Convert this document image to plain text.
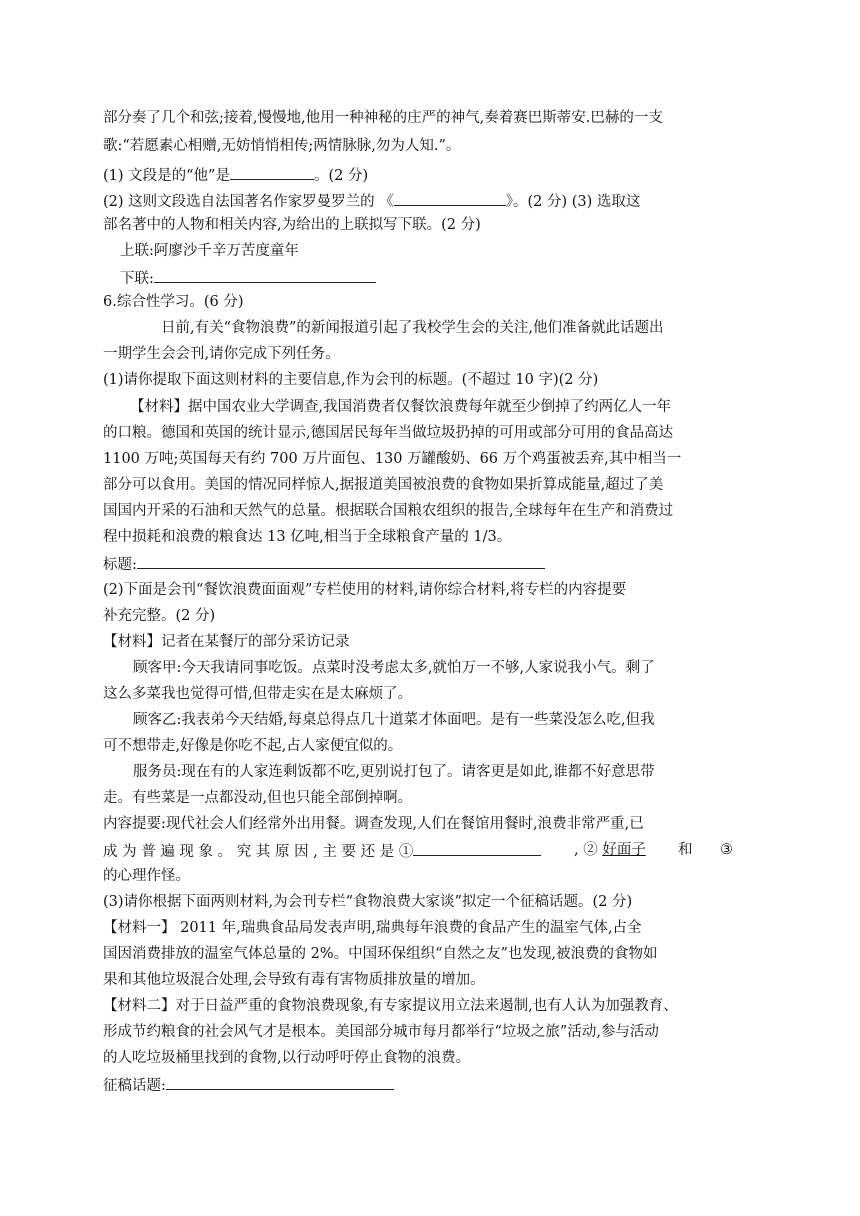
部分奏了几个和弦;接着,慢慢地,他用一种神秘的庄严的神气,奏着赛巴斯蒂安.巴赫的一支
歌:“若愿素心相赠,无妨悄悄相传;两情脉脉,勿为人知.”。
(1) 文段是的“他”是	。(2 分)
(2) 这则文段选自法国著名作家罗曼罗兰的 《	》。(2 分) (3) 选取这
部名著中的人物和相关内容,为给出的上联拟写下联。(2 分)
上联:阿廖沙千辛万苦度童年
下联:
6.综合性学习。(6 分)
日前,有关“食物浪费”的新闻报道引起了我校学生会的关注,他们准备就此话题出
一期学生会会刊,请你完成下列任务。
(1)请你提取下面这则材料的主要信息,作为会刊的标题。(不超过 10 字)(2 分)
【材料】据中国农业大学调查,我国消费者仅餐饮浪费每年就至少倒掉了约两亿人一年
的口粮。德国和英国的统计显示,德国居民每年当做垃圾扔掉的可用或部分可用的食品高达
1100 万吨;英国每天有约 700 万片面包、130 万罐酸奶、66 万个鸡蛋被丢弃,其中相当一
部分可以食用。美国的情况同样惊人,据报道美国被浪费的食物如果折算成能量,超过了美
国国内开采的石油和天然气的总量。根据联合国粮农组织的报告,全球每年在生产和消费过
程中损耗和浪费的粮食达 13 亿吨,相当于全球粮食产量的 1/3。
标题:
(2)下面是会刊“餐饮浪费面面观”专栏使用的材料,请你综合材料,将专栏的内容提要
补充完整。(2 分)
【材料】记者在某餐厅的部分采访记录
顾客甲:今天我请同事吃饭。点菜时没考虑太多,就怕万一不够,人家说我小气。剩了
这么多菜我也觉得可惜,但带走实在是太麻烦了。
顾客乙:我表弟今天结婚,每桌总得点几十道菜才体面吧。是有一些菜没怎么吃,但我
可不想带走,好像是你吃不起,占人家便宜似的。
服务员:现在有的人家连剩饭都不吃,更别说打包了。请客更是如此,谁都不好意思带
走。有些菜是一点都没动,但也只能全部倒掉啊。
内容提要:现代社会人们经常外出用餐。调查发现,人们在餐馆用餐时,浪费非常严重,已
成 为 普 遍 现 象 。 究 其 原 因 , 主 要 还 是 ①	, ② 好面子 和 ③
的心理作怪。
(3)请你根据下面两则材料,为会刊专栏“食物浪费大家谈”拟定一个征稿话题。(2 分)
【材料一】 2011 年,瑞典食品局发表声明,瑞典每年浪费的食品产生的温室气体,占全
国因消费排放的温室气体总量的 2%。中国环保组织“自然之友”也发现,被浪费的食物如
果和其他垃圾混合处理,会导致有毒有害物质排放量的增加。
【材料二】对于日益严重的食物浪费现象,有专家提议用立法来遏制,也有人认为加强教育、
形成节约粮食的社会风气才是根本。美国部分城市每月都举行“垃圾之旅”活动,参与活动
的人吃垃圾桶里找到的食物,以行动呼吁停止食物的浪费。
征稿话题:
